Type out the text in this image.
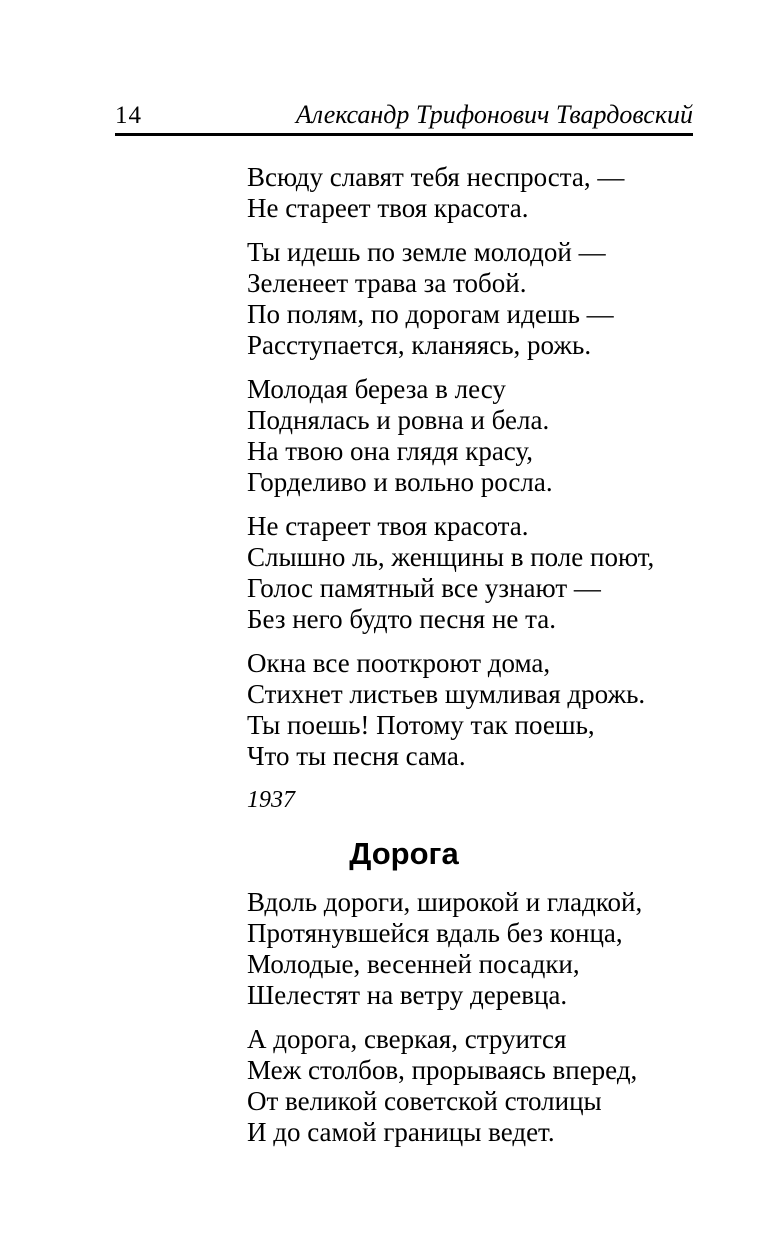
14	Александр Трифонович Твардовский
Всюду славят тебя неспроста, —
Не стареет твоя красота.
Ты идешь по земле молодой —
Зеленеет трава за тобой.
По полям, по дорогам идешь —
Расступается, кланяясь, рожь.
Молодая береза в лесу
Поднялась и ровна и бела.
На твою она глядя красу,
Горделиво и вольно росла.
Не стареет твоя красота.
Слышно ль, женщины в поле поют,
Голос памятный все узнают —
Без него будто песня не та.
Окна все пооткроют дома,
Стихнет листьев шумливая дрожь.
Ты поешь! Потому так поешь,
Что ты песня сама.
1937
Дорога
Вдоль дороги, широкой и гладкой,
Протянувшейся вдаль без конца,
Молодые, весенней посадки,
Шелестят на ветру деревца.
А дорога, сверкая, струится
Меж столбов, прорываясь вперед,
От великой советской столицы
И до самой границы ведет.
